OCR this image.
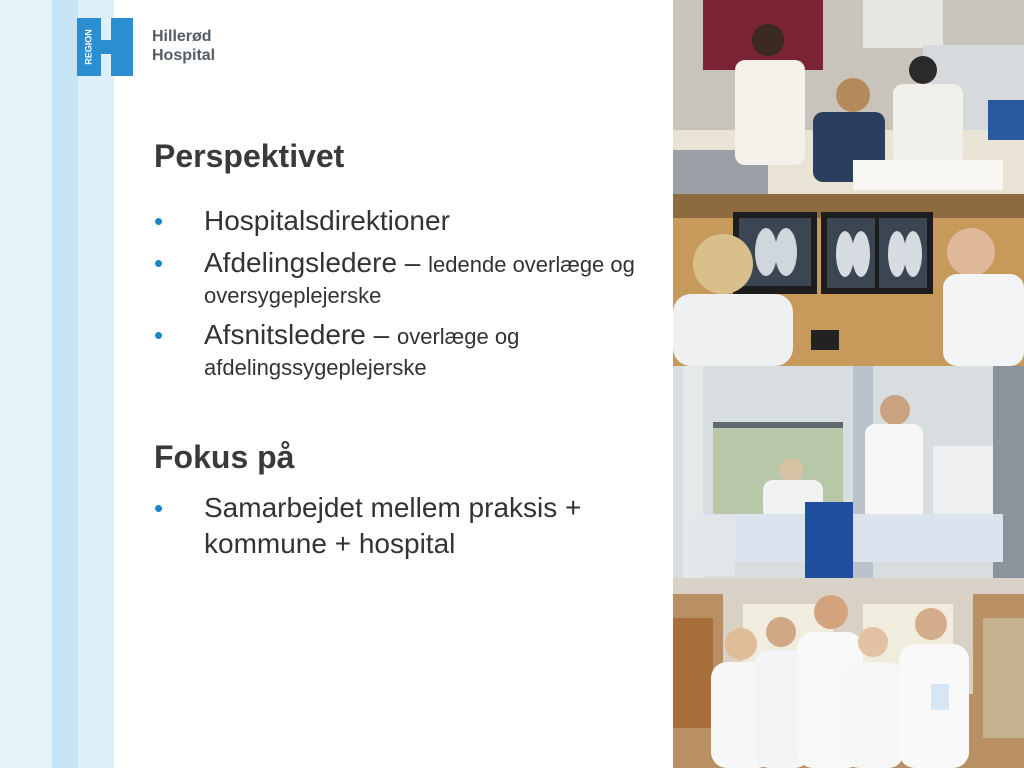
REGION	Hillerød
Hospital
Perspektivet
• Hospitalsdirektioner
• Afdelingsledere – ledende overlæge og oversygeplejerske
• Afsnitsledere – overlæge og afdelingssygeplejerske
Fokus på
• Samarbejdet mellem praksis + kommune + hospital
